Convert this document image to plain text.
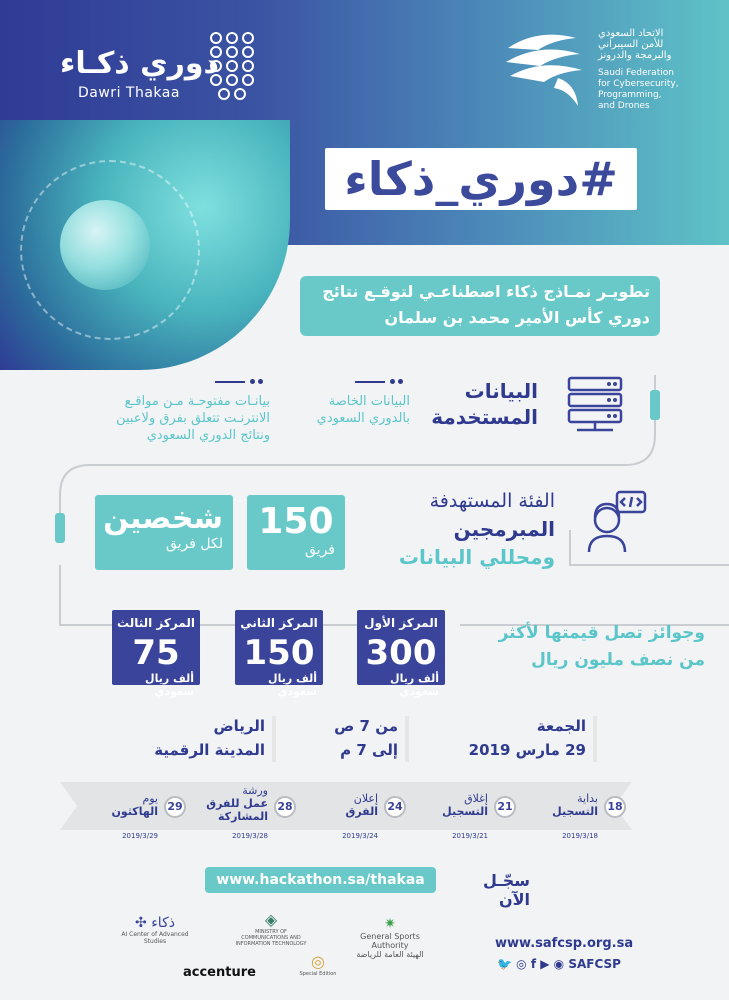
دوري ذكـاء
Dawri Thakaa
الاتحاد السعودي
للأمن السيبراني
والبرمجة والدرونز
Saudi Federation
for Cybersecurity,
Programming,
and Drones
#دوري_ذكاء
تطويـر نمـاذج ذكاء اصطناعـي لتوقـع نتائج
دوري كأس الأمير محمد بن سلمان
البيانات
المستخدمة
البيانات الخاصة
بالدوري السعودي
بيانـات مفتوحـة مـن مواقـع
الانترنـت تتعلق بفرق ولاعبين
ونتائج الدوري السعودي
الفئة المستهدفة
المبرمجين
ومحللي البيانات
150
فريق
شخصين
لكل فريق
وجوائز تصل قيمتها لأكثر
من نصف مليون ريال
المركز الأول
300
ألف ريال سعودي
المركز الثاني
150
ألف ريال سعودي
المركز الثالث
75
ألف ريال سعودي
الجمعة
29 مارس 2019
من 7 ص
إلى 7 م
الرياض
المدينة الرقمية
18
بداية
التسجيل
2019/3/18
21
إغلاق
التسجيل
2019/3/21
24
إعلان
الفرق
2019/3/24
28
ورشة
عمل للفرق
المشاركة
2019/3/28
29
يوم
الهاكثون
2019/3/29
سجّـل الآن
www.hackathon.sa/thakaa
www.safcsp.org.sa
🐦 ◎ f ▶ ◉ SAFCSP
✷
General Sports Authority
الهيئة العامة للرياضة
◈
MINISTRY OF COMMUNICATIONS AND INFORMATION TECHNOLOGY
✣ ذكاء
AI Center of Advanced Studies
◎
Special Edition
accenture
